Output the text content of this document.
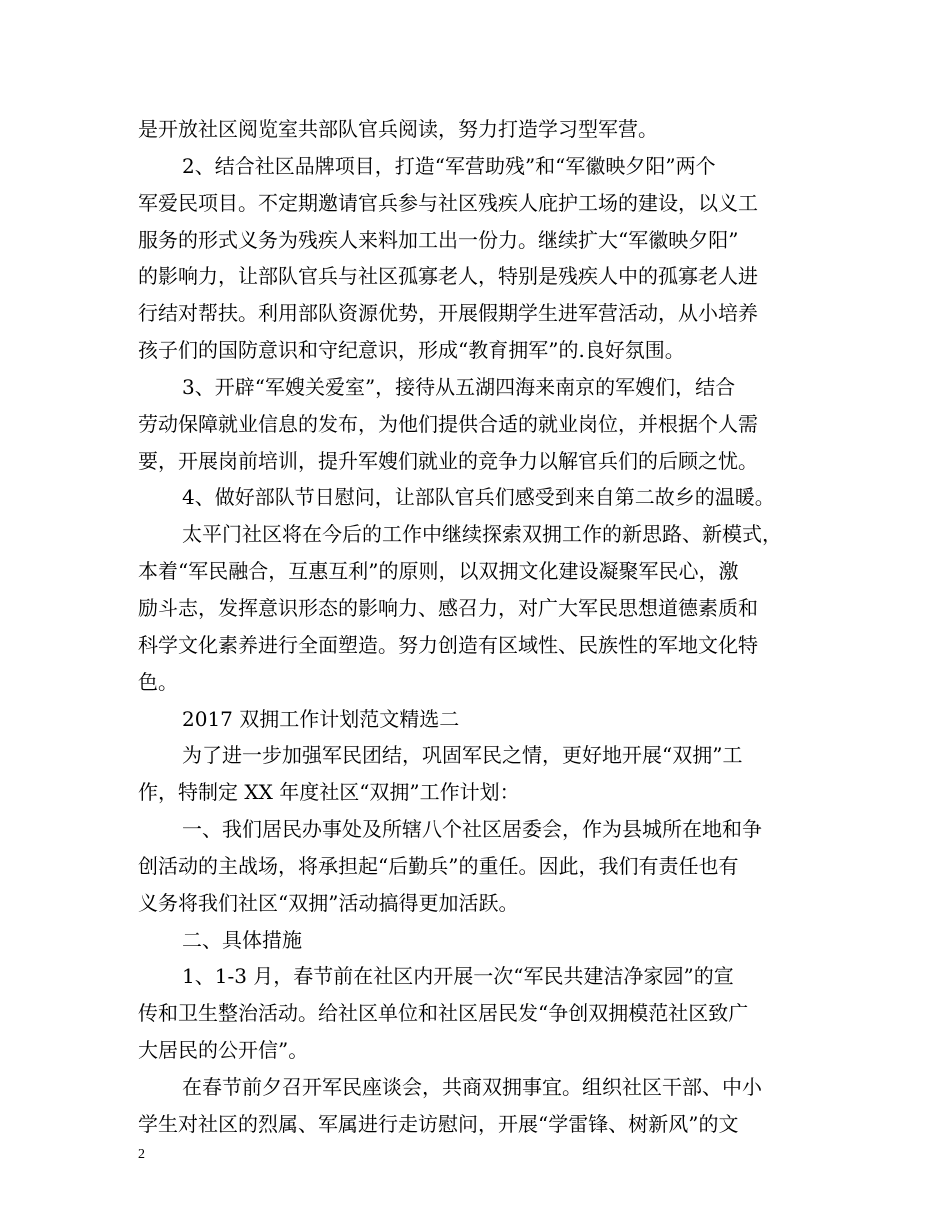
是开放社区阅览室共部队官兵阅读，努力打造学习型军营。
2、结合社区品牌项目，打造“军营助残”和“军徽映夕阳”两个
军爱民项目。不定期邀请官兵参与社区残疾人庇护工场的建设，以义工
服务的形式义务为残疾人来料加工出一份力。继续扩大“军徽映夕阳”
的影响力，让部队官兵与社区孤寡老人，特别是残疾人中的孤寡老人进
行结对帮扶。利用部队资源优势，开展假期学生进军营活动，从小培养
孩子们的国防意识和守纪意识，形成“教育拥军”的.良好氛围。
3、开辟“军嫂关爱室”，接待从五湖四海来南京的军嫂们，结合
劳动保障就业信息的发布，为他们提供合适的就业岗位，并根据个人需
要，开展岗前培训，提升军嫂们就业的竞争力以解官兵们的后顾之忧。
4、做好部队节日慰问，让部队官兵们感受到来自第二故乡的温暖。
太平门社区将在今后的工作中继续探索双拥工作的新思路、新模式，
本着“军民融合，互惠互利”的原则，以双拥文化建设凝聚军民心，激
励斗志，发挥意识形态的影响力、感召力，对广大军民思想道德素质和
科学文化素养进行全面塑造。努力创造有区域性、民族性的军地文化特
色。
2017 双拥工作计划范文精选二
为了进一步加强军民团结，巩固军民之情，更好地开展“双拥”工
作，特制定 XX 年度社区“双拥”工作计划：
一、我们居民办事处及所辖八个社区居委会，作为县城所在地和争
创活动的主战场，将承担起“后勤兵”的重任。因此，我们有责任也有
义务将我们社区“双拥”活动搞得更加活跃。
二、具体措施
1、1-3 月，春节前在社区内开展一次“军民共建洁净家园”的宣
传和卫生整治活动。给社区单位和社区居民发“争创双拥模范社区致广
大居民的公开信”。
在春节前夕召开军民座谈会，共商双拥事宜。组织社区干部、中小
学生对社区的烈属、军属进行走访慰问，开展“学雷锋、树新风”的文
2
